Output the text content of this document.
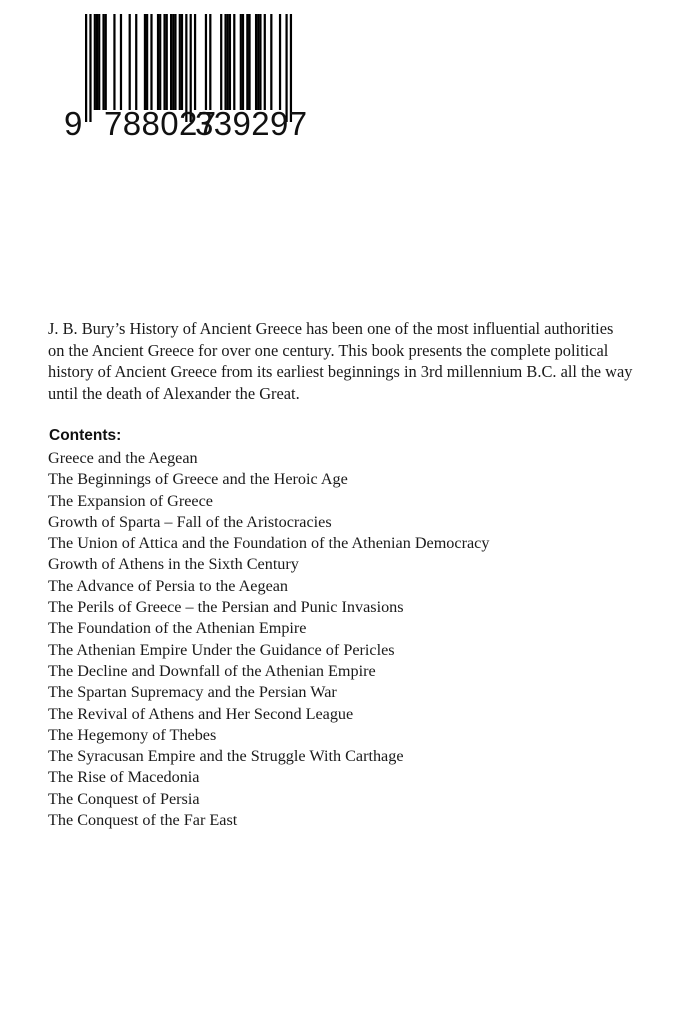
9 788027
339297

J. B. Bury’s History of Ancient Greece has been one of the most influential authorities
on the Ancient Greece for over one century. This book presents the complete political
history of Ancient Greece from its earliest beginnings in 3rd millennium B.C. all the way
until the death of Alexander the Great.

Contents:
Greece and the Aegean
The Beginnings of Greece and the Heroic Age
The Expansion of Greece
Growth of Sparta – Fall of the Aristocracies
The Union of Attica and the Foundation of the Athenian Democracy
Growth of Athens in the Sixth Century
The Advance of Persia to the Aegean
The Perils of Greece – the Persian and Punic Invasions
The Foundation of the Athenian Empire
The Athenian Empire Under the Guidance of Pericles
The Decline and Downfall of the Athenian Empire
The Spartan Supremacy and the Persian War
The Revival of Athens and Her Second League
The Hegemony of Thebes
The Syracusan Empire and the Struggle With Carthage
The Rise of Macedonia
The Conquest of Persia
The Conquest of the Far East
